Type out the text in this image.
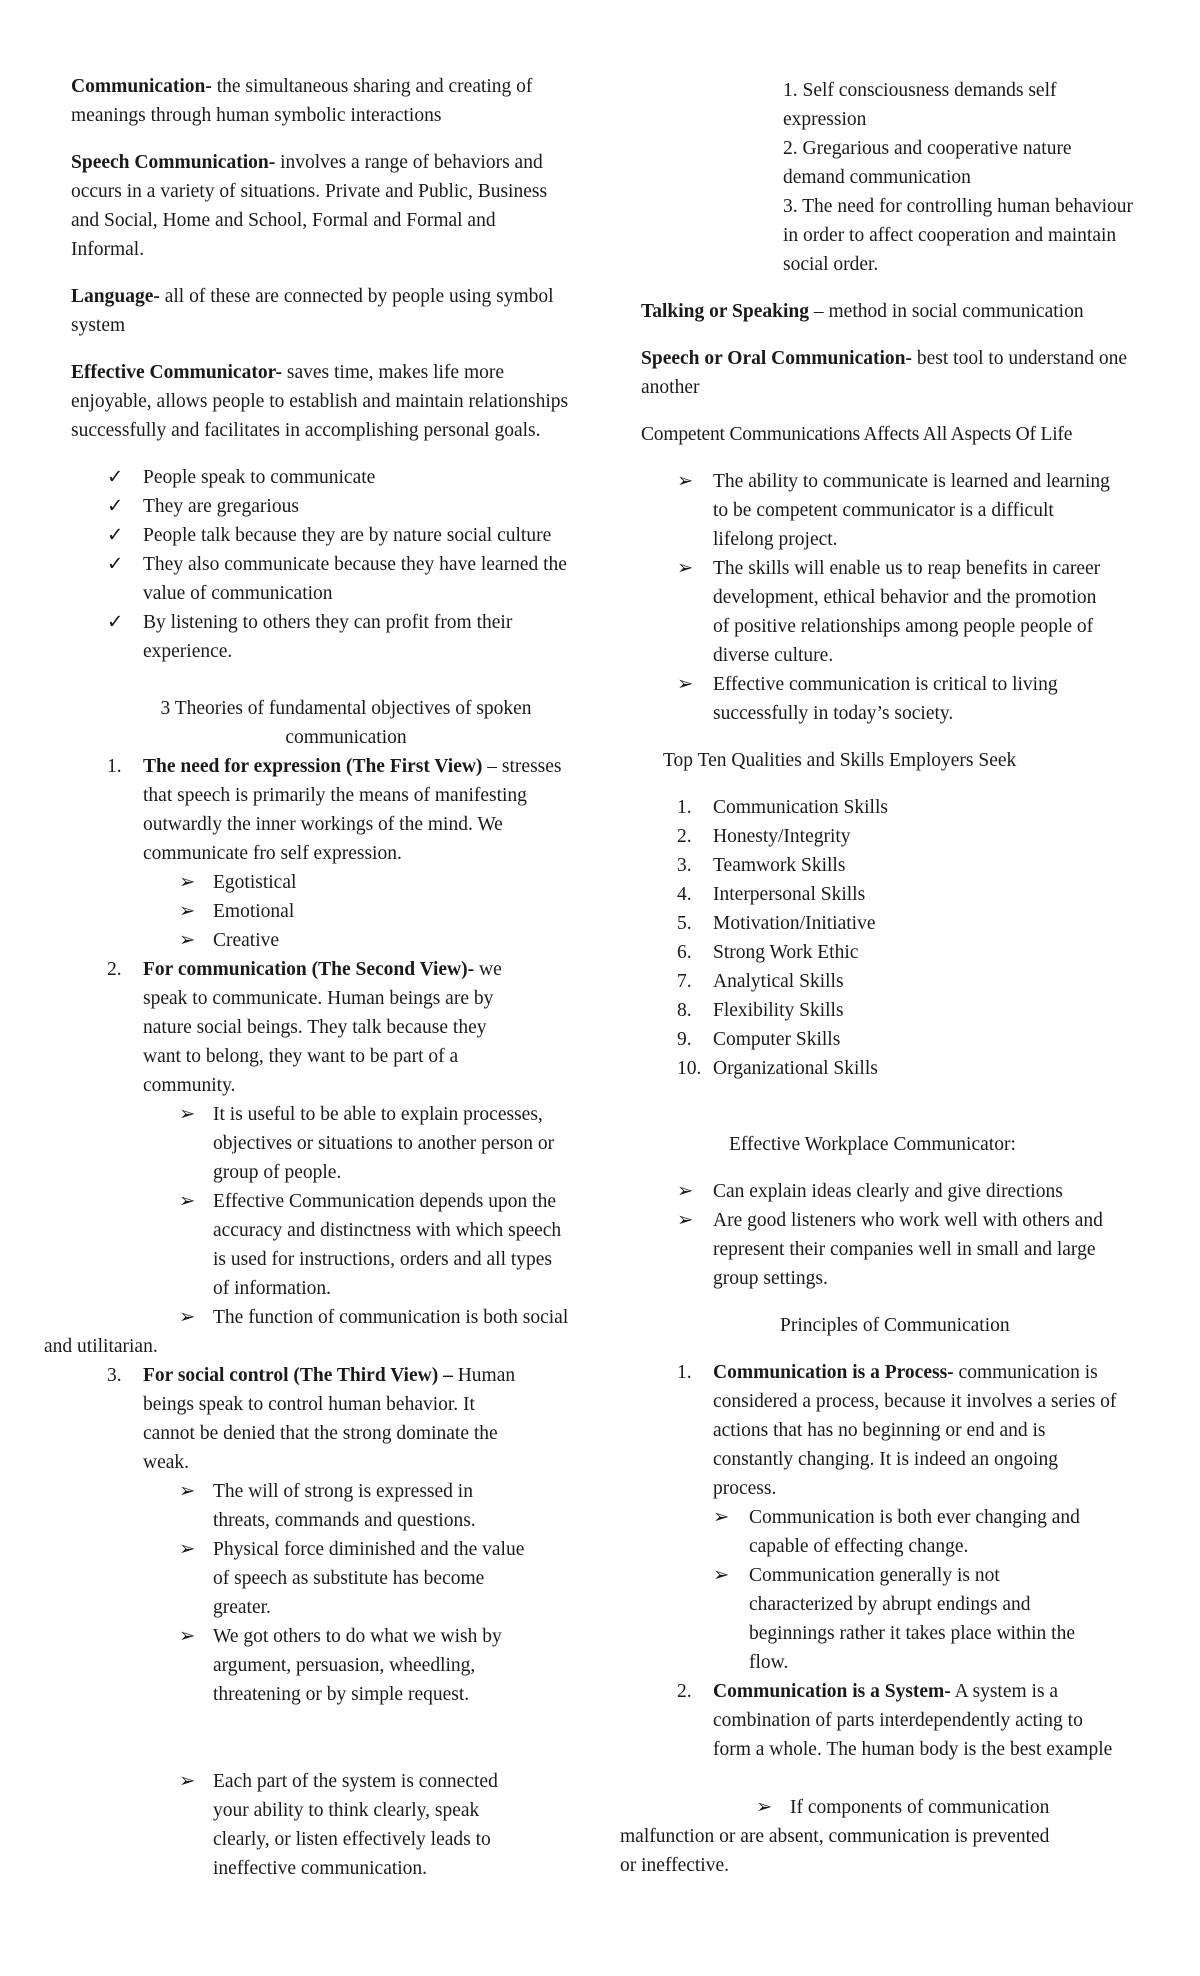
Communication- the simultaneous sharing and creating of meanings through human symbolic interactions

Speech Communication- involves a range of behaviors and occurs in a variety of situations. Private and Public, Business and Social, Home and School, Formal and Formal and Informal.

Language- all of these are connected by people using symbol system

Effective Communicator- saves time, makes life more enjoyable, allows people to establish and maintain relationships successfully and facilitates in accomplishing personal goals.

✓	People speak to communicate
✓	They are gregarious
✓	People talk because they are by nature social culture
✓	They also communicate because they have learned the value of communication
✓	By listening to others they can profit from their experience.

3 Theories of fundamental objectives of spoken communication

1.	The need for expression (The First View) – stresses that speech is primarily the means of manifesting outwardly the inner workings of the mind. We communicate fro self expression.
➢ Egotistical
➢ Emotional
➢ Creative
2.	For communication (The Second View)- we speak to communicate. Human beings are by nature social beings. They talk because they want to belong, they want to be part of a community.
➢ It is useful to be able to explain processes, objectives or situations to another person or group of people.
➢ Effective Communication depends upon the accuracy and distinctness with which speech is used for instructions, orders and all types of information.

➢ The function of communication is both social and utilitarian.

3.	For social control (The Third View) – Human beings speak to control human behavior. It cannot be denied that the strong dominate the weak.
➢ The will of strong is expressed in threats, commands and questions.
➢ Physical force diminished and the value of speech as substitute has become greater.
➢ We got others to do what we wish by argument, persuasion, wheedling, threatening or by simple request.
➢ Each part of the system is connected your ability to think clearly, speak clearly, or listen effectively leads to ineffective communication.

1. Self consciousness demands self expression

2. Gregarious and cooperative nature demand communication

3. The need for controlling human behaviour in order to affect cooperation and maintain social order.

Talking or Speaking – method in social communication

Speech or Oral Communication- best tool to understand one another

Competent Communications Affects All Aspects Of Life

➢	The ability to communicate is learned and learning to be competent communicator is a difficult lifelong project.
➢	The skills will enable us to reap benefits in career development, ethical behavior and the promotion of positive relationships among people people of diverse culture.
➢	Effective communication is critical to living successfully in today’s society.

Top Ten Qualities and Skills Employers Seek

1.	Communication Skills
2.	Honesty/Integrity
3.	Teamwork Skills
4.	Interpersonal Skills
5.	Motivation/Initiative
6.	Strong Work Ethic
7.	Analytical Skills
8.	Flexibility Skills
9.	Computer Skills
10. Organizational Skills

Effective Workplace Communicator:

➢	Can explain ideas clearly and give directions
➢	Are good listeners who work well with others and represent their companies well in small and large group settings.

Principles of Communication

1.	Communication is a Process- communication is considered a process, because it involves a series of actions that has no beginning or end and is constantly changing. It is indeed an ongoing process.
➢	Communication is both ever changing and capable of effecting change.
➢	Communication generally is not characterized by abrupt endings and beginnings rather it takes place within the flow.
2.	Communication is a System- A system is a combination of parts interdependently acting to form a whole. The human body is the best example

➢ If components of communication malfunction or are absent, communication is prevented or ineffective.
